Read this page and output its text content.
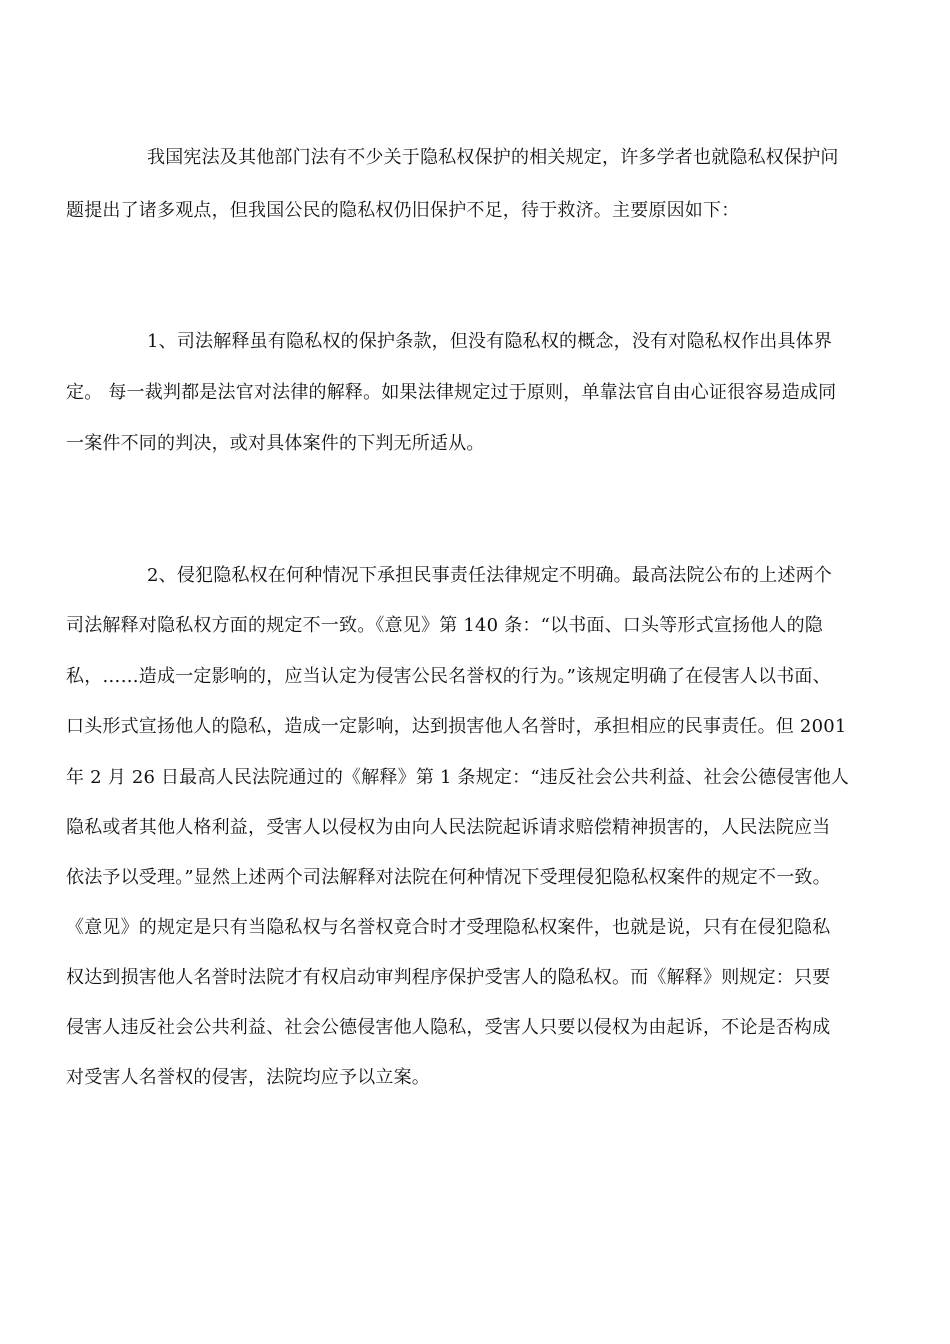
我国宪法及其他部门法有不少关于隐私权保护的相关规定，许多学者也就隐私权保护问
题提出了诸多观点，但我国公民的隐私权仍旧保护不足，待于救济。主要原因如下：
1、司法解释虽有隐私权的保护条款，但没有隐私权的概念，没有对隐私权作出具体界
定。 每一裁判都是法官对法律的解释。如果法律规定过于原则，单靠法官自由心证很容易造成同
一案件不同的判决，或对具体案件的下判无所适从。
2、侵犯隐私权在何种情况下承担民事责任法律规定不明确。最高法院公布的上述两个
司法解释对隐私权方面的规定不一致。《意见》第 140 条：“以书面、口头等形式宣扬他人的隐
私，……造成一定影响的，应当认定为侵害公民名誉权的行为。”该规定明确了在侵害人以书面、
口头形式宣扬他人的隐私，造成一定影响，达到损害他人名誉时，承担相应的民事责任。但 2001
年 2 月 26 日最高人民法院通过的《解释》第 1 条规定：“违反社会公共利益、社会公德侵害他人
隐私或者其他人格利益，受害人以侵权为由向人民法院起诉请求赔偿精神损害的，人民法院应当
依法予以受理。”显然上述两个司法解释对法院在何种情况下受理侵犯隐私权案件的规定不一致。
《意见》的规定是只有当隐私权与名誉权竟合时才受理隐私权案件，也就是说，只有在侵犯隐私
权达到损害他人名誉时法院才有权启动审判程序保护受害人的隐私权。而《解释》则规定：只要
侵害人违反社会公共利益、社会公德侵害他人隐私，受害人只要以侵权为由起诉，不论是否构成
对受害人名誉权的侵害，法院均应予以立案。
